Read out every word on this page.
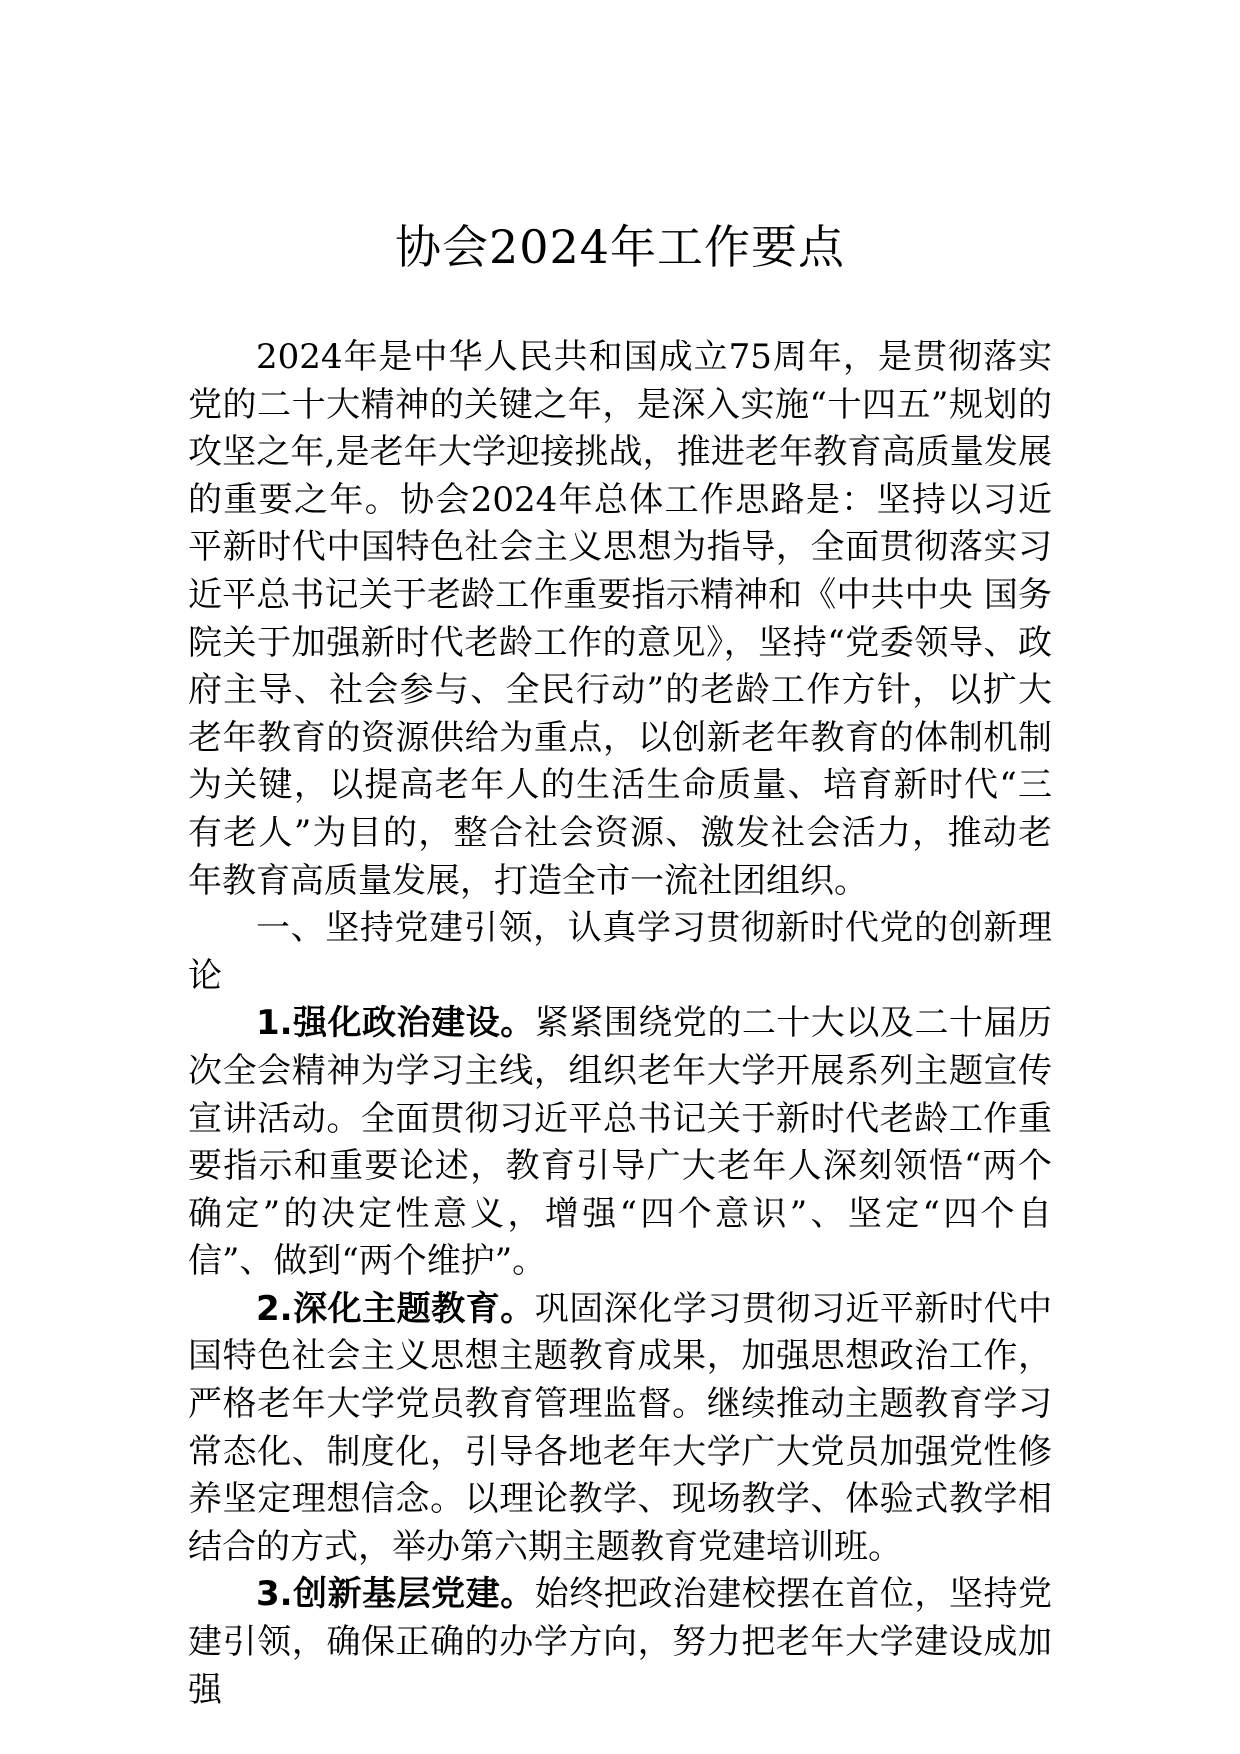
协会2024年工作要点

2024年是中华人民共和国成立75周年，是贯彻落实党的二十大精神的关键之年，是深入实施“十四五”规划的攻坚之年,是老年大学迎接挑战，推进老年教育高质量发展的重要之年。协会2024年总体工作思路是：坚持以习近平新时代中国特色社会主义思想为指导，全面贯彻落实习近平总书记关于老龄工作重要指示精神和《中共中央 国务院关于加强新时代老龄工作的意见》，坚持“党委领导、政府主导、社会参与、全民行动”的老龄工作方针，以扩大老年教育的资源供给为重点，以创新老年教育的体制机制为关键，以提高老年人的生活生命质量、培育新时代“三有老人”为目的，整合社会资源、激发社会活力，推动老年教育高质量发展，打造全市一流社团组织。

一、坚持党建引领，认真学习贯彻新时代党的创新理论

1.强化政治建设。紧紧围绕党的二十大以及二十届历次全会精神为学习主线，组织老年大学开展系列主题宣传宣讲活动。全面贯彻习近平总书记关于新时代老龄工作重要指示和重要论述，教育引导广大老年人深刻领悟“两个确定”的决定性意义，增强“四个意识”、坚定“四个自信”、做到“两个维护”。

2.深化主题教育。巩固深化学习贯彻习近平新时代中国特色社会主义思想主题教育成果，加强思想政治工作，严格老年大学党员教育管理监督。继续推动主题教育学习常态化、制度化，引导各地老年大学广大党员加强党性修养坚定理想信念。以理论教学、现场教学、体验式教学相结合的方式，举办第六期主题教育党建培训班。

3.创新基层党建。始终把政治建校摆在首位，坚持党建引领，确保正确的办学方向，努力把老年大学建设成加强
